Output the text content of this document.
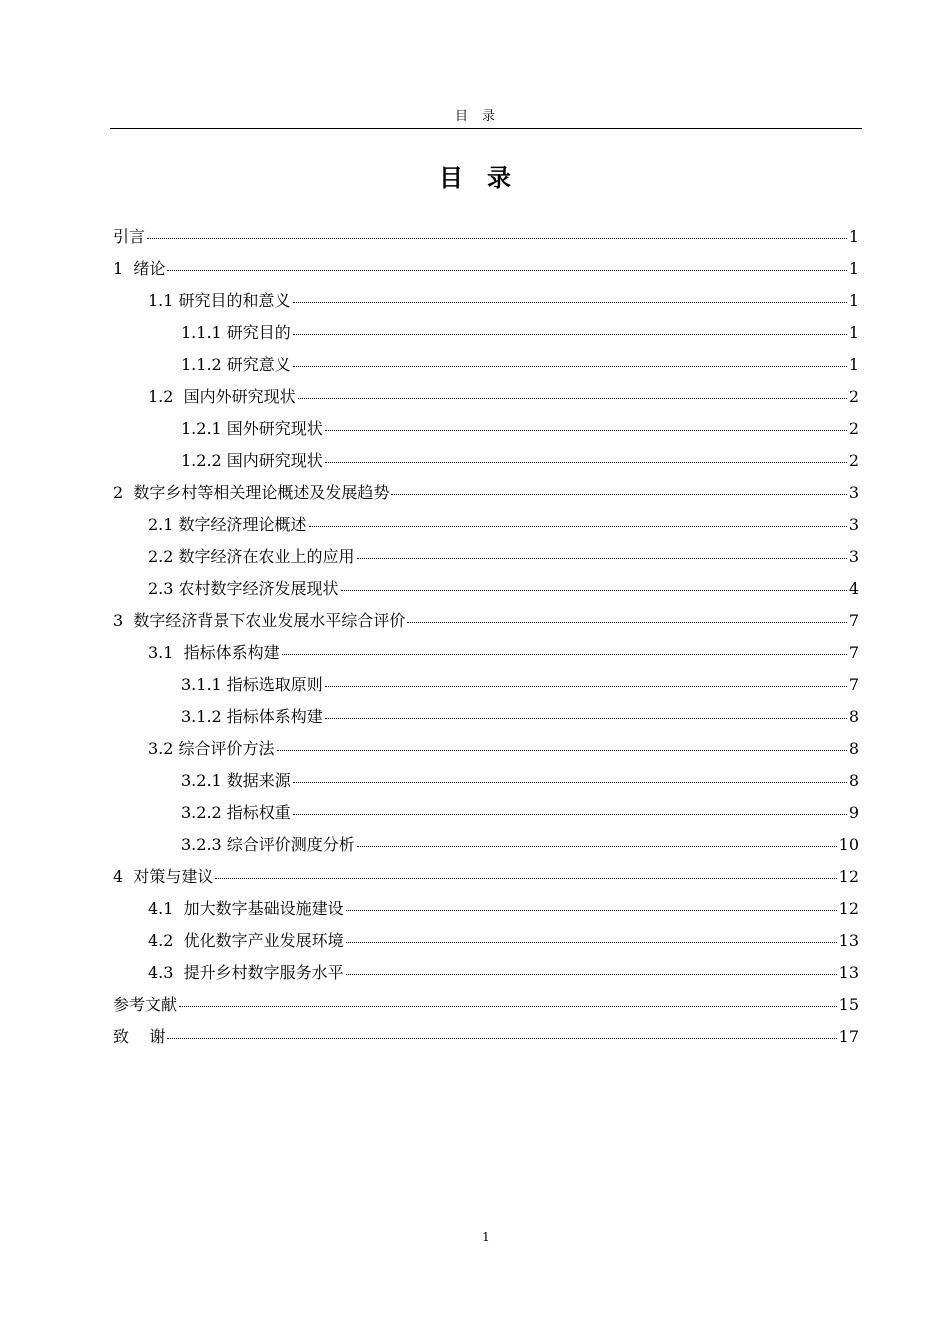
目录
目录
引言	1
1  绪论	1
1.1 研究目的和意义	1
1.1.1 研究目的	1
1.1.2 研究意义	1
1.2  国内外研究现状	2
1.2.1 国外研究现状	2
1.2.2 国内研究现状	2
2  数字乡村等相关理论概述及发展趋势	3
2.1 数字经济理论概述	3
2.2 数字经济在农业上的应用	3
2.3 农村数字经济发展现状	4
3  数字经济背景下农业发展水平综合评价	7
3.1  指标体系构建	7
3.1.1 指标选取原则	7
3.1.2 指标体系构建	8
3.2 综合评价方法	8
3.2.1 数据来源	8
3.2.2 指标权重	9
3.2.3 综合评价测度分析	10
4  对策与建议	12
4.1  加大数字基础设施建设	12
4.2  优化数字产业发展环境	13
4.3  提升乡村数字服务水平	13
参考文献	15
致    谢	17
1
